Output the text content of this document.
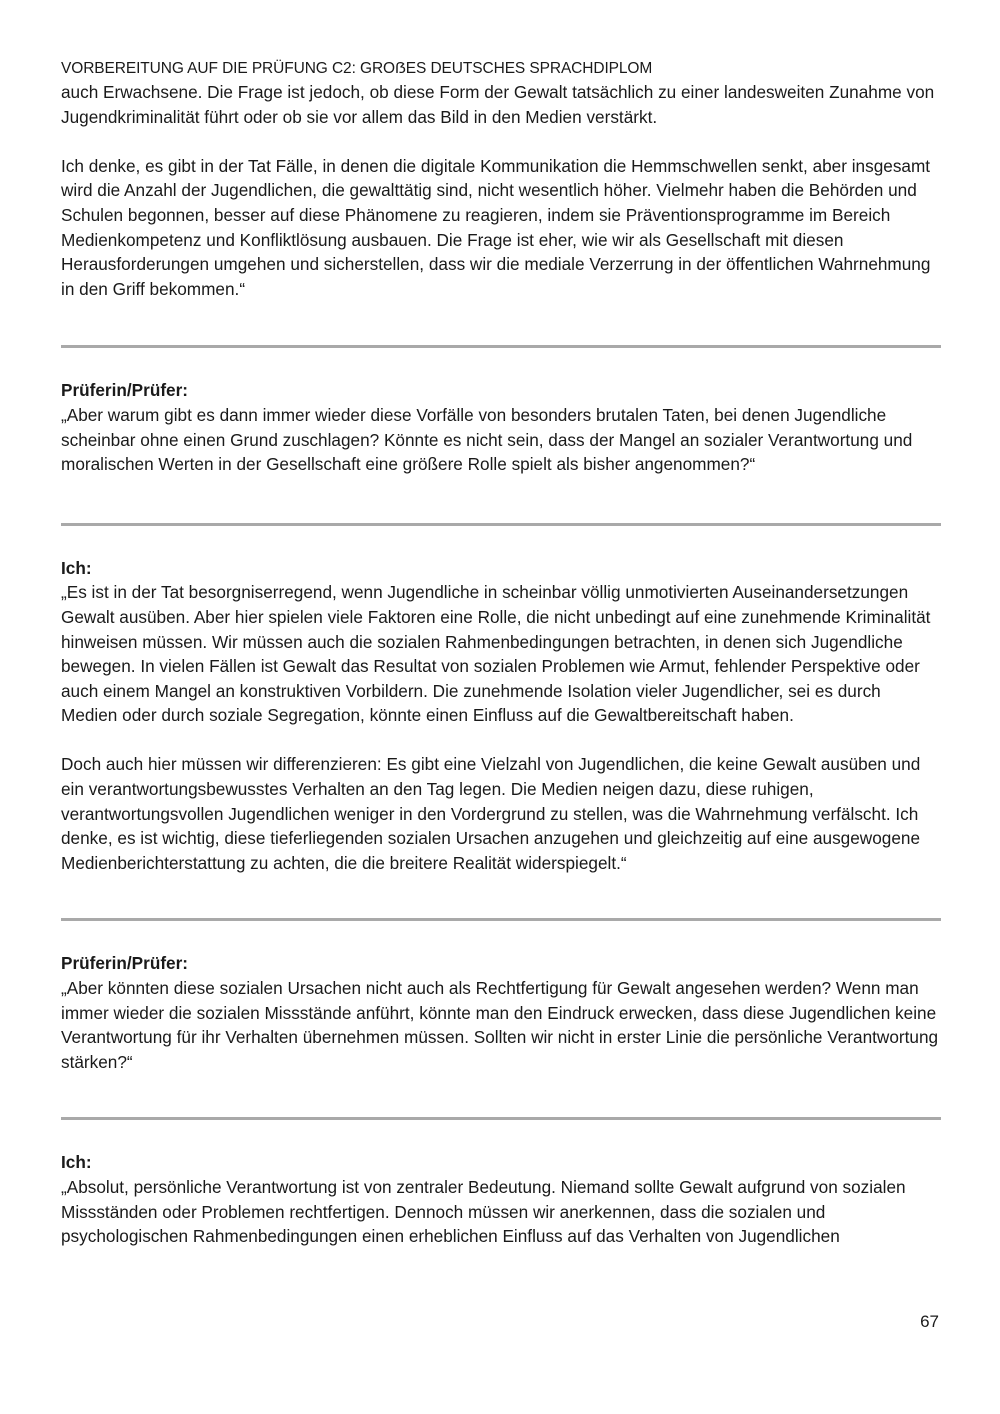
VORBEREITUNG AUF DIE PRÜFUNG C2: GROẞES DEUTSCHES SPRACHDIPLOM

auch Erwachsene. Die Frage ist jedoch, ob diese Form der Gewalt tatsächlich zu einer landesweiten Zunahme von Jugendkriminalität führt oder ob sie vor allem das Bild in den Medien verstärkt.

Ich denke, es gibt in der Tat Fälle, in denen die digitale Kommunikation die Hemmschwellen senkt, aber insgesamt wird die Anzahl der Jugendlichen, die gewalttätig sind, nicht wesentlich höher. Vielmehr haben die Behörden und Schulen begonnen, besser auf diese Phänomene zu reagieren, indem sie Präventionsprogramme im Bereich Medienkompetenz und Konfliktlösung ausbauen. Die Frage ist eher, wie wir als Gesellschaft mit diesen Herausforderungen umgehen und sicherstellen, dass wir die mediale Verzerrung in der öffentlichen Wahrnehmung in den Griff bekommen.“

Prüferin/Prüfer:

„Aber warum gibt es dann immer wieder diese Vorfälle von besonders brutalen Taten, bei denen Jugendliche scheinbar ohne einen Grund zuschlagen? Könnte es nicht sein, dass der Mangel an sozialer Verantwortung und moralischen Werten in der Gesellschaft eine größere Rolle spielt als bisher angenommen?“

Ich:

„Es ist in der Tat besorgniserregend, wenn Jugendliche in scheinbar völlig unmotivierten Auseinandersetzungen Gewalt ausüben. Aber hier spielen viele Faktoren eine Rolle, die nicht unbedingt auf eine zunehmende Kriminalität hinweisen müssen. Wir müssen auch die sozialen Rahmenbedingungen betrachten, in denen sich Jugendliche bewegen. In vielen Fällen ist Gewalt das Resultat von sozialen Problemen wie Armut, fehlender Perspektive oder auch einem Mangel an konstruktiven Vorbildern. Die zunehmende Isolation vieler Jugendlicher, sei es durch Medien oder durch soziale Segregation, könnte einen Einfluss auf die Gewaltbereitschaft haben.

Doch auch hier müssen wir differenzieren: Es gibt eine Vielzahl von Jugendlichen, die keine Gewalt ausüben und ein verantwortungsbewusstes Verhalten an den Tag legen. Die Medien neigen dazu, diese ruhigen, verantwortungsvollen Jugendlichen weniger in den Vordergrund zu stellen, was die Wahrnehmung verfälscht. Ich denke, es ist wichtig, diese tieferliegenden sozialen Ursachen anzugehen und gleichzeitig auf eine ausgewogene Medienberichterstattung zu achten, die die breitere Realität widerspiegelt.“

Prüferin/Prüfer:

„Aber könnten diese sozialen Ursachen nicht auch als Rechtfertigung für Gewalt angesehen werden? Wenn man immer wieder die sozialen Missstände anführt, könnte man den Eindruck erwecken, dass diese Jugendlichen keine Verantwortung für ihr Verhalten übernehmen müssen. Sollten wir nicht in erster Linie die persönliche Verantwortung stärken?“

Ich:

„Absolut, persönliche Verantwortung ist von zentraler Bedeutung. Niemand sollte Gewalt aufgrund von sozialen Missständen oder Problemen rechtfertigen. Dennoch müssen wir anerkennen, dass die sozialen und psychologischen Rahmenbedingungen einen erheblichen Einfluss auf das Verhalten von Jugendlichen

67
